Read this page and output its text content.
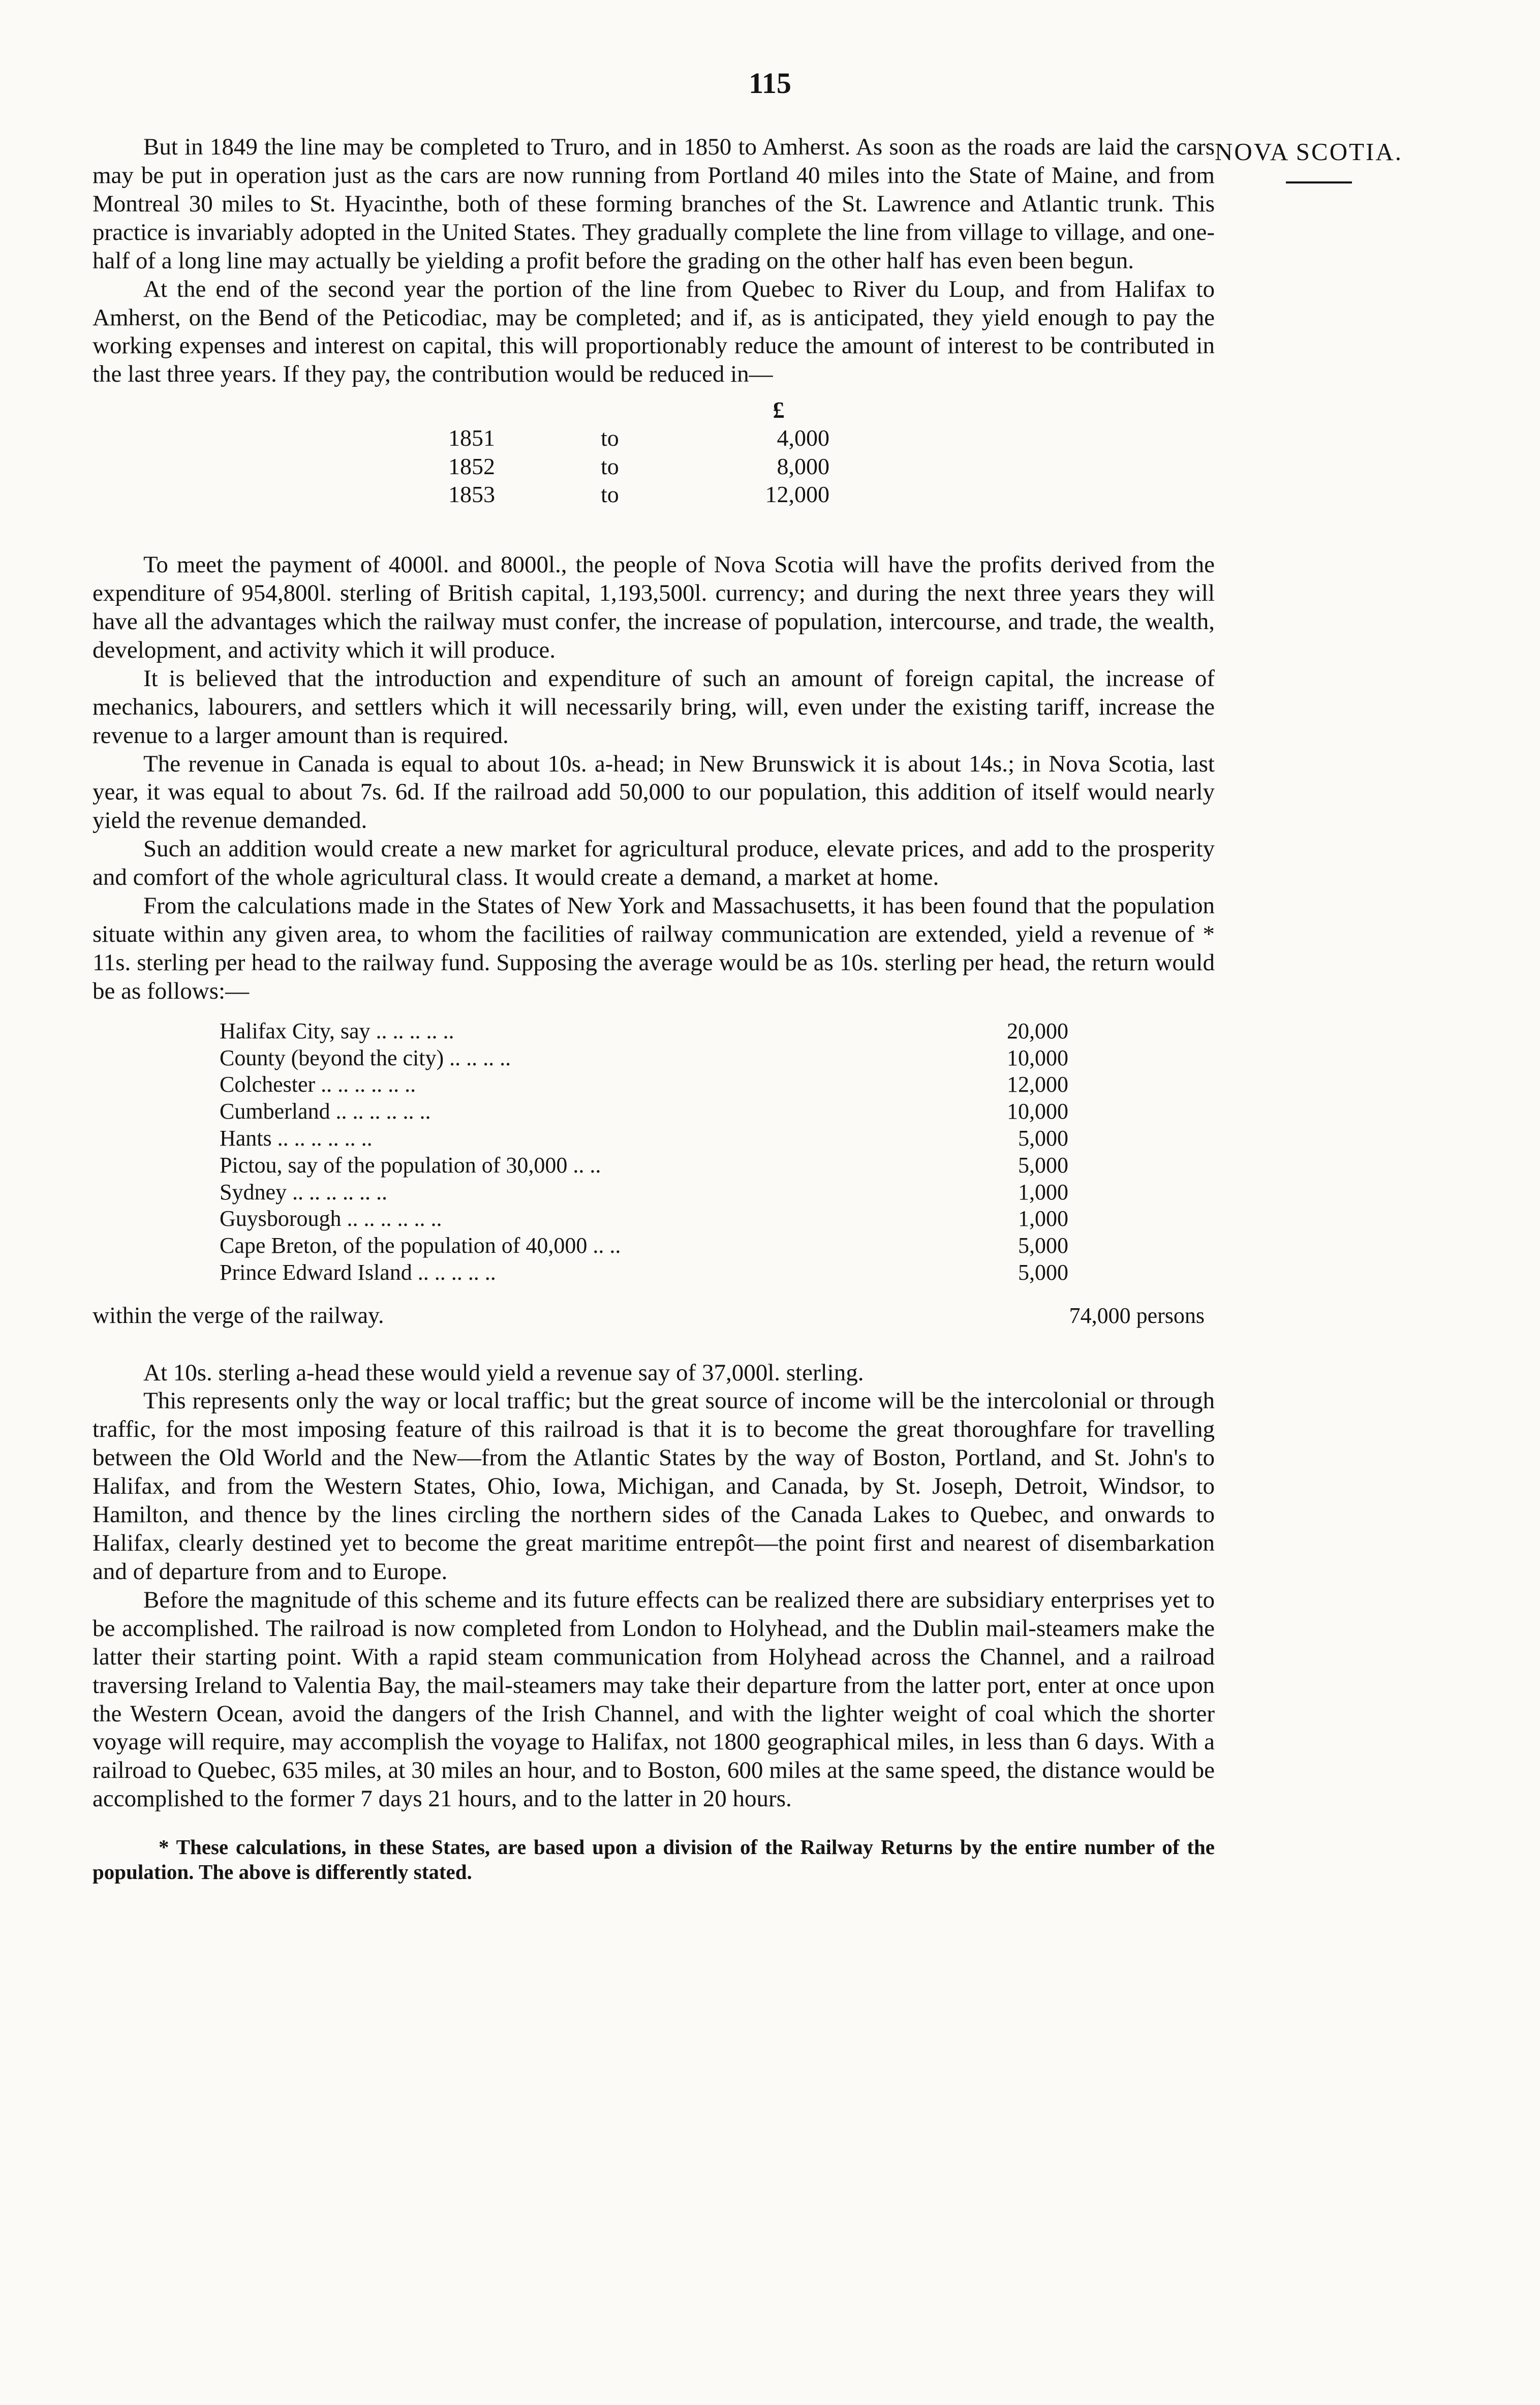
115
NOVA SCOTIA.

But in 1849 the line may be completed to Truro, and in 1850 to Amherst. As soon as the roads are laid the cars may be put in operation just as the cars are now running from Portland 40 miles into the State of Maine, and from Montreal 30 miles to St. Hyacinthe, both of these forming branches of the St. Lawrence and Atlantic trunk. This practice is invariably adopted in the United States. They gradually complete the line from village to village, and one-half of a long line may actually be yielding a profit before the grading on the other half has even been begun.

At the end of the second year the portion of the line from Quebec to River du Loup, and from Halifax to Amherst, on the Bend of the Peticodiac, may be completed; and if, as is anticipated, they yield enough to pay the working expenses and interest on capital, this will proportionably reduce the amount of interest to be contributed in the last three years. If they pay, the contribution would be reduced in—

		£
1851	to	4,000
1852	to	8,000
1853	to	12,000

To meet the payment of 4000l. and 8000l., the people of Nova Scotia will have the profits derived from the expenditure of 954,800l. sterling of British capital, 1,193,500l. currency; and during the next three years they will have all the advantages which the railway must confer, the increase of population, intercourse, and trade, the wealth, development, and activity which it will produce.

It is believed that the introduction and expenditure of such an amount of foreign capital, the increase of mechanics, labourers, and settlers which it will necessarily bring, will, even under the existing tariff, increase the revenue to a larger amount than is required.

The revenue in Canada is equal to about 10s. a-head; in New Brunswick it is about 14s.; in Nova Scotia, last year, it was equal to about 7s. 6d. If the railroad add 50,000 to our population, this addition of itself would nearly yield the revenue demanded.

Such an addition would create a new market for agricultural produce, elevate prices, and add to the prosperity and comfort of the whole agricultural class. It would create a demand, a market at home.

From the calculations made in the States of New York and Massachusetts, it has been found that the population situate within any given area, to whom the facilities of railway communication are extended, yield a revenue of * 11s. sterling per head to the railway fund. Supposing the average would be as 10s. sterling per head, the return would be as follows:—

Halifax City, say .. .. .. .. ..	20,000
County (beyond the city) .. .. .. ..	10,000
Colchester .. .. .. .. .. ..	12,000
Cumberland .. .. .. .. .. ..	10,000
Hants .. .. .. .. .. ..	5,000
Pictou, say of the population of 30,000 .. ..	5,000
Sydney .. .. .. .. .. ..	1,000
Guysborough .. .. .. .. .. ..	1,000
Cape Breton, of the population of 40,000 .. ..	5,000
Prince Edward Island .. .. .. .. ..	5,000
within the verge of the railway.	74,000 persons

At 10s. sterling a-head these would yield a revenue say of 37,000l. sterling.

This represents only the way or local traffic; but the great source of income will be the intercolonial or through traffic, for the most imposing feature of this railroad is that it is to become the great thoroughfare for travelling between the Old World and the New—from the Atlantic States by the way of Boston, Portland, and St. John's to Halifax, and from the Western States, Ohio, Iowa, Michigan, and Canada, by St. Joseph, Detroit, Windsor, to Hamilton, and thence by the lines circling the northern sides of the Canada Lakes to Quebec, and onwards to Halifax, clearly destined yet to become the great maritime entrepôt—the point first and nearest of disembarkation and of departure from and to Europe.

Before the magnitude of this scheme and its future effects can be realized there are subsidiary enterprises yet to be accomplished. The railroad is now completed from London to Holyhead, and the Dublin mail-steamers make the latter their starting point. With a rapid steam communication from Holyhead across the Channel, and a railroad traversing Ireland to Valentia Bay, the mail-steamers may take their departure from the latter port, enter at once upon the Western Ocean, avoid the dangers of the Irish Channel, and with the lighter weight of coal which the shorter voyage will require, may accomplish the voyage to Halifax, not 1800 geographical miles, in less than 6 days. With a railroad to Quebec, 635 miles, at 30 miles an hour, and to Boston, 600 miles at the same speed, the distance would be accomplished to the former 7 days 21 hours, and to the latter in 20 hours.

* These calculations, in these States, are based upon a division of the Railway Returns by the entire number of the population. The above is differently stated.
